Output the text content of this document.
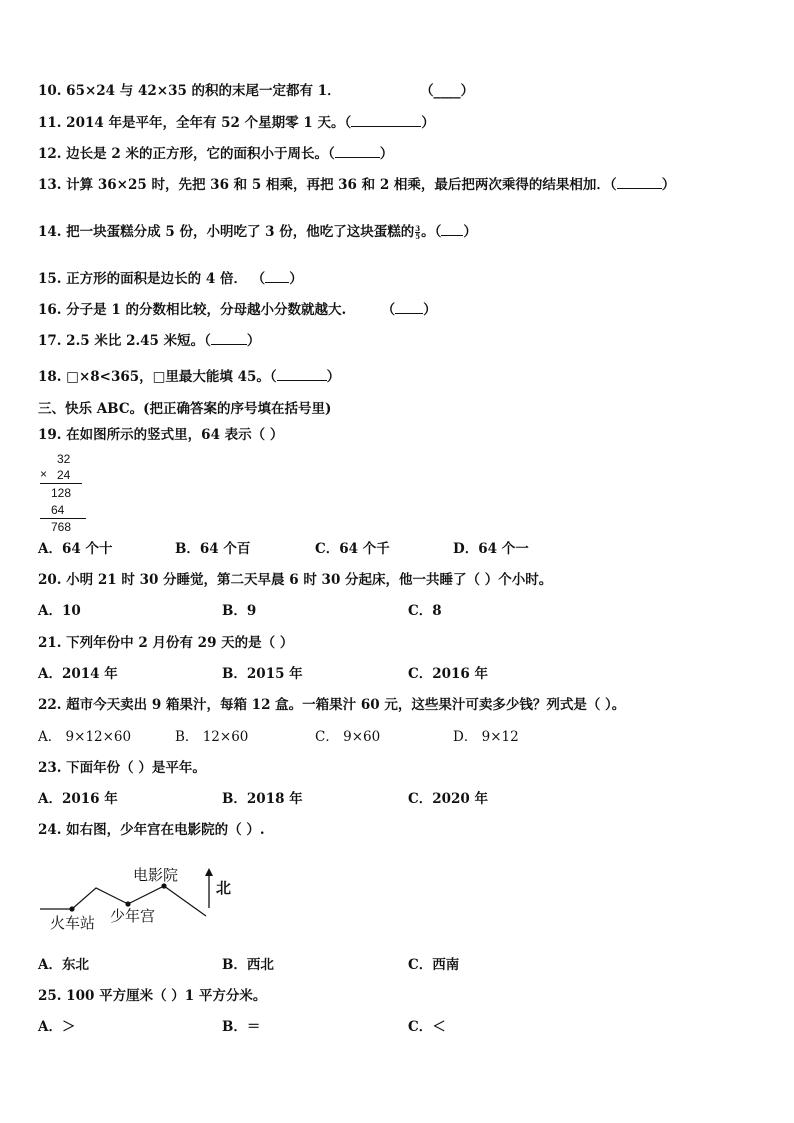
10. 65×24 与 42×35 的积的末尾一定都有 1．	（____）
11. 2014 年是平年，全年有 52 个星期零 1 天。（	）
12. 边长是 2 米的正方形，它的面积小于周长。（	）
13. 计算 36×25 时，先把 36 和 5 相乘，再把 36 和 2 相乘，最后把两次乘得的结果相加．（	）
14. 把一块蛋糕分成 5 份，小明吃了 3 份，他吃了这块蛋糕的 $\frac{3}{5}$ 。（ ）
15. 正方形的面积是边长的 4 倍． （ ）
16. 分子是 1 的分数相比较，分母越小分数就越大.	（ ）
17. 2.5 米比 2.45 米短。（	）
18. □×8<365，□里最大能填 45。（	）
三、快乐 ABC。(把正确答案的序号填在括号里)
19. 在如图所示的竖式里，64 表示（ ）
32
× 24
128
64
768
A．64 个十	B．64 个百	C．64 个千	D．64 个一
20. 小明 21 时 30 分睡觉，第二天早晨 6 时 30 分起床，他一共睡了（ ）个小时。
A．10	B．9	C．8
21. 下列年份中 2 月份有 29 天的是（ ）
A．2014 年	B．2015 年	C．2016 年
22. 超市今天卖出 9 箱果汁，每箱 12 盒。一箱果汁 60 元，这些果汁可卖多少钱？列式是（ ）。
A． 9×12×60	B． 12×60	C． 9×60	D． 9×12
23. 下面年份（ ）是平年。
A．2016 年	B．2018 年	C．2020 年
24. 如右图，少年宫在电影院的（ ）.
电影院
火车站 少年宫
北
A．东北	B．西北	C．西南
25. 100 平方厘米（ ）1 平方分米。
A．＞	B．＝	C．＜
